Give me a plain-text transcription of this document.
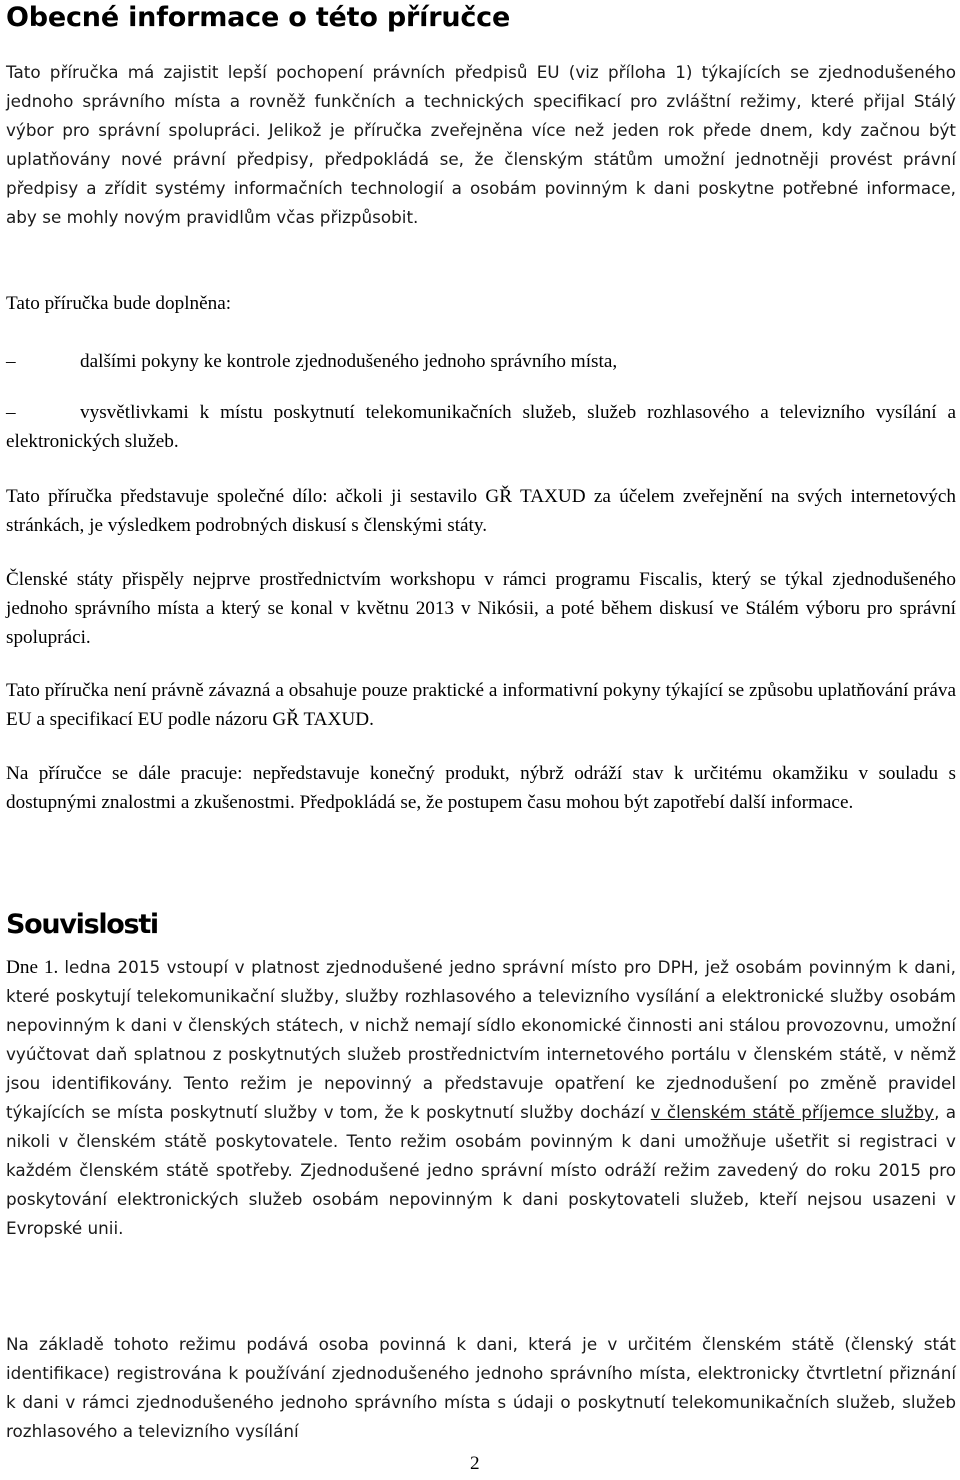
Obecné informace o této příručce

Tato příručka má zajistit lepší pochopení právních předpisů EU (viz příloha 1) týkajících se zjednodušeného jednoho správního místa a rovněž funkčních a technických specifikací pro zvláštní režimy, které přijal Stálý výbor pro správní spolupráci. Jelikož je příručka zveřejněna více než jeden rok přede dnem, kdy začnou být uplatňovány nové právní předpisy, předpokládá se, že členským státům umožní jednotněji provést právní předpisy a zřídit systémy informačních technologií a osobám povinným k dani poskytne potřebné informace, aby se mohly novým pravidlům včas přizpůsobit.

Tato příručka bude doplněna:

–	dalšími pokyny ke kontrole zjednodušeného jednoho správního místa,

–	vysvětlivkami k místu poskytnutí telekomunikačních služeb, služeb rozhlasového a televizního vysílání a elektronických služeb.

Tato příručka představuje společné dílo: ačkoli ji sestavilo GŘ TAXUD za účelem zveřejnění na svých internetových stránkách, je výsledkem podrobných diskusí s členskými státy.

Členské státy přispěly nejprve prostřednictvím workshopu v rámci programu Fiscalis, který se týkal zjednodušeného jednoho správního místa a který se konal v květnu 2013 v Nikósii, a poté během diskusí ve Stálém výboru pro správní spolupráci.

Tato příručka není právně závazná a obsahuje pouze praktické a informativní pokyny týkající se způsobu uplatňování práva EU a specifikací EU podle názoru GŘ TAXUD.

Na příručce se dále pracuje: nepředstavuje konečný produkt, nýbrž odráží stav k určitému okamžiku v souladu s dostupnými znalostmi a zkušenostmi. Předpokládá se, že postupem času mohou být zapotřebí další informace.

Souvislosti

Dne 1. ledna 2015 vstoupí v platnost zjednodušené jedno správní místo pro DPH, jež osobám povinným k dani, které poskytují telekomunikační služby, služby rozhlasového a televizního vysílání a elektronické služby osobám nepovinným k dani v členských státech, v nichž nemají sídlo ekonomické činnosti ani stálou provozovnu, umožní vyúčtovat daň splatnou z poskytnutých služeb prostřednictvím internetového portálu v členském státě, v němž jsou identifikovány. Tento režim je nepovinný a představuje opatření ke zjednodušení po změně pravidel týkajících se místa poskytnutí služby v tom, že k poskytnutí služby dochází v členském státě příjemce služby, a nikoli v členském státě poskytovatele. Tento režim osobám povinným k dani umožňuje ušetřit si registraci v každém členském státě spotřeby. Zjednodušené jedno správní místo odráží režim zavedený do roku 2015 pro poskytování elektronických služeb osobám nepovinným k dani poskytovateli služeb, kteří nejsou usazeni v Evropské unii.

Na základě tohoto režimu podává osoba povinná k dani, která je v určitém členském státě (členský stát identifikace) registrována k používání zjednodušeného jednoho správního místa, elektronicky čtvrtletní přiznání k dani v rámci zjednodušeného jednoho správního místa s údaji o poskytnutí telekomunikačních služeb, služeb rozhlasového a televizního vysílání

2
